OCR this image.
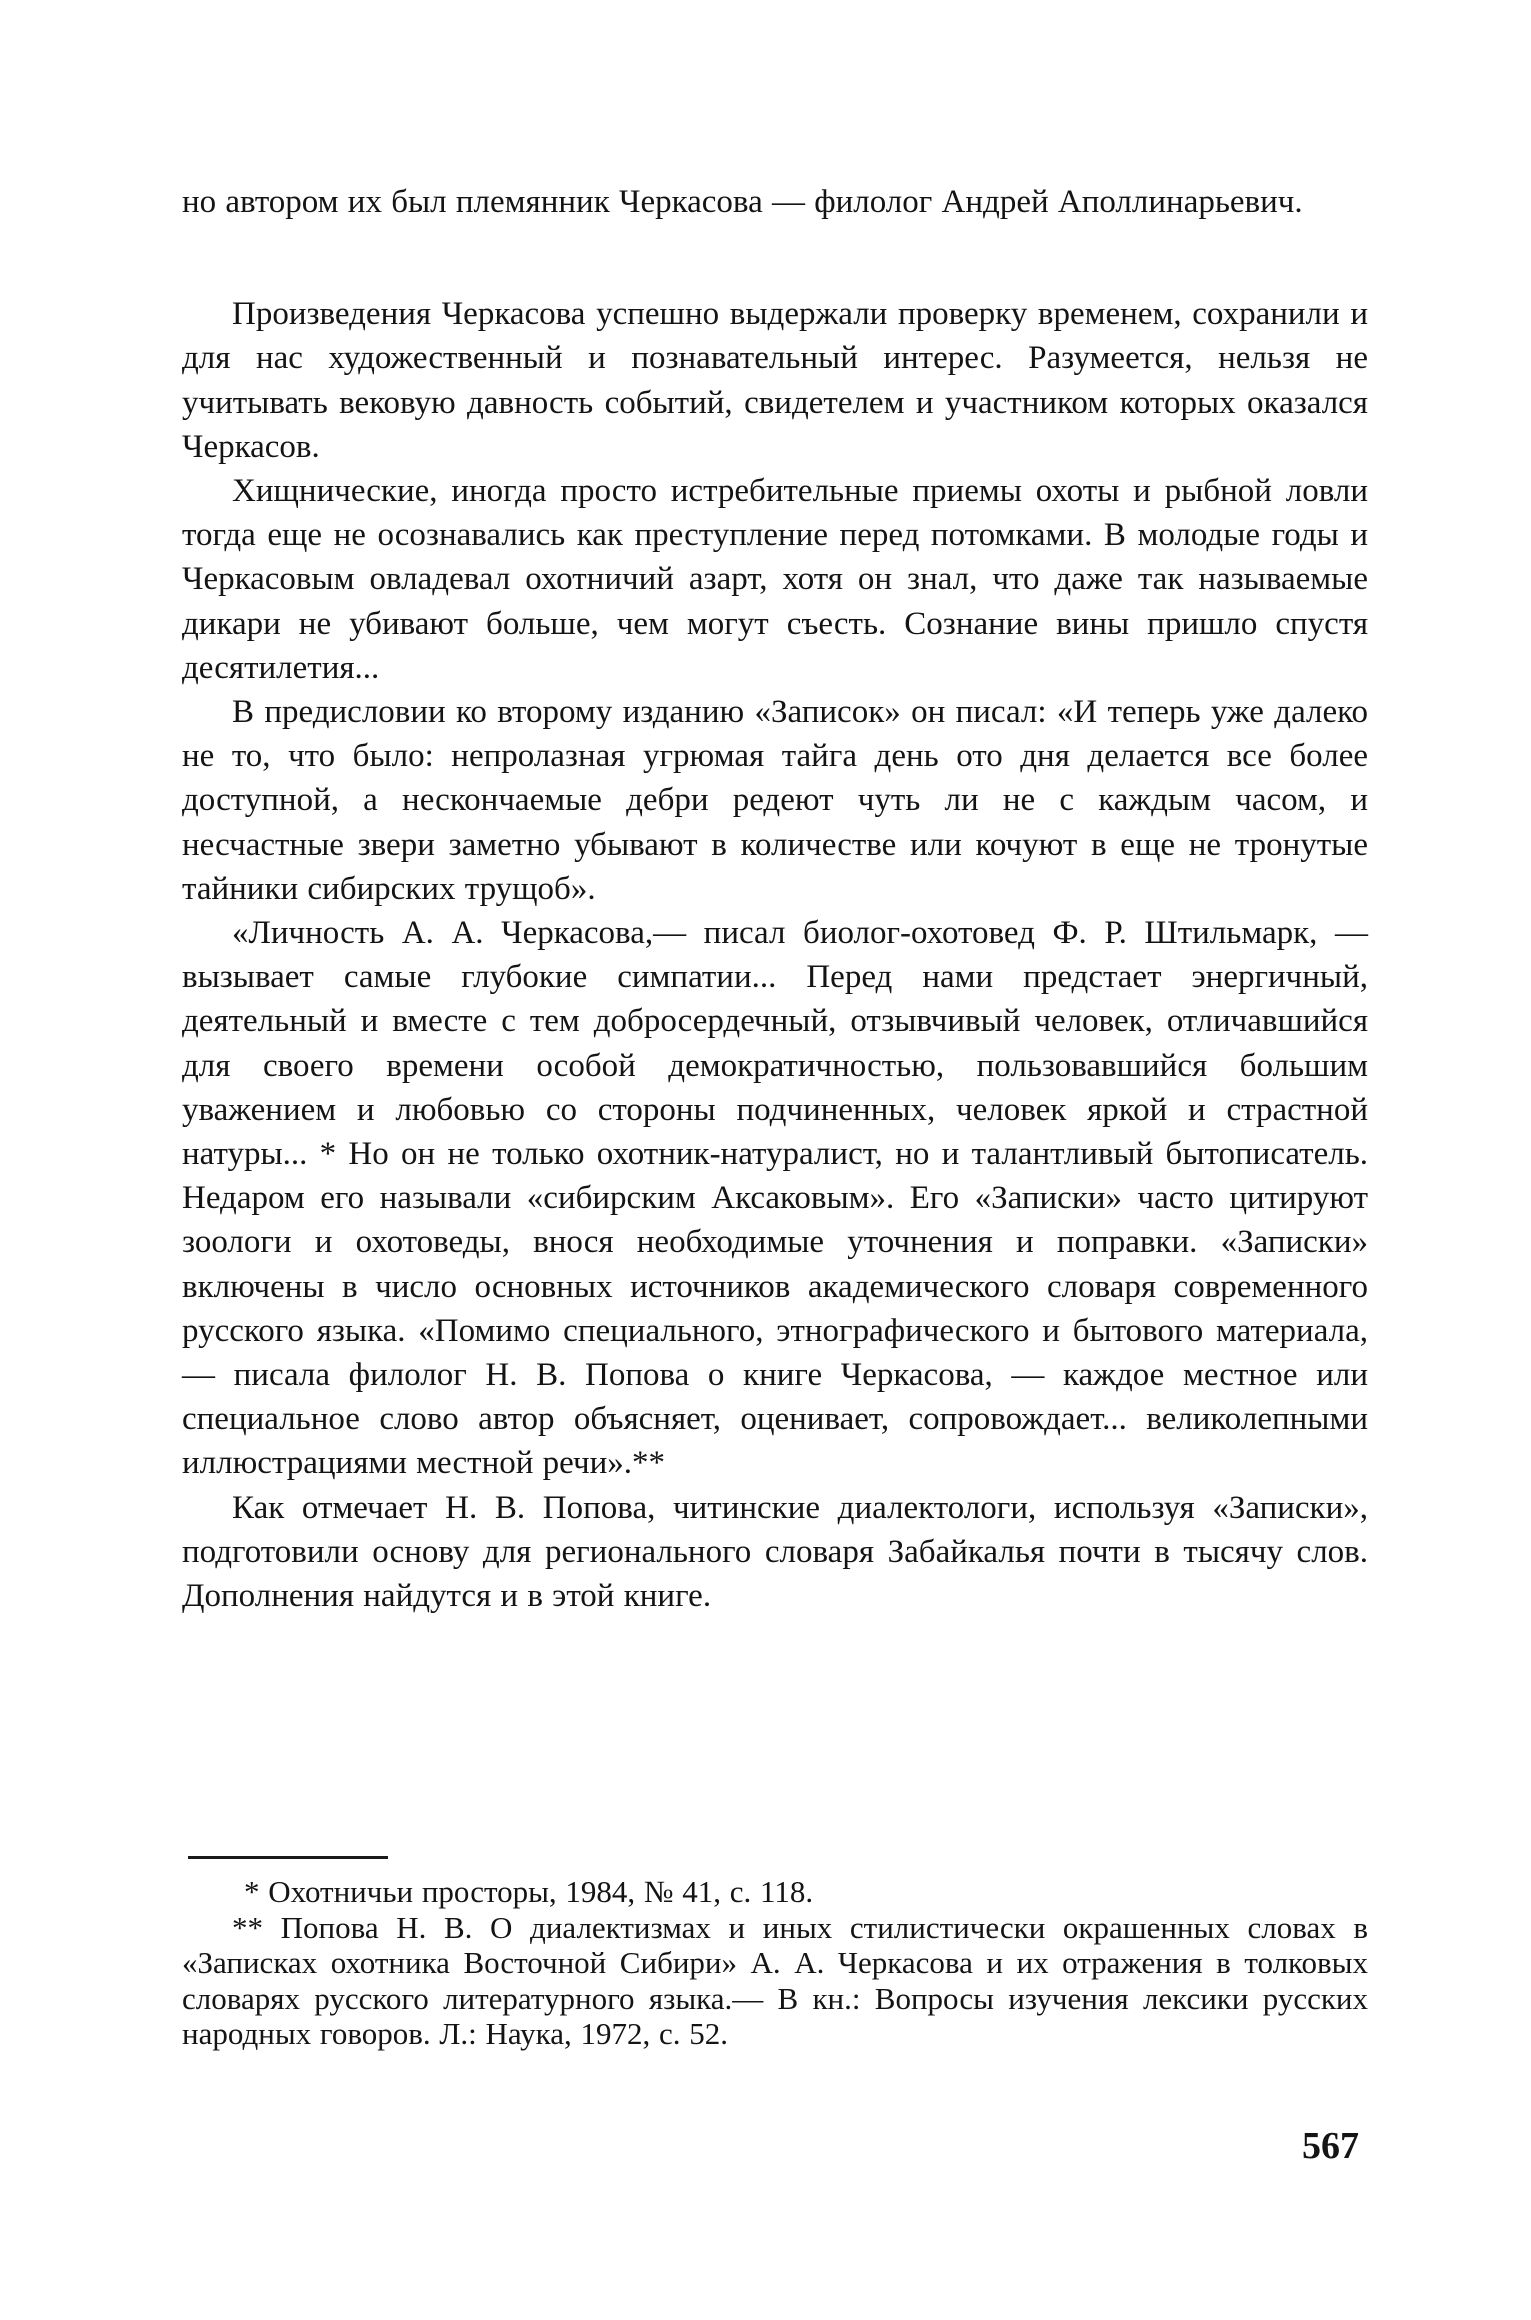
но автором их был племянник Черкасова — филолог Андрей Аполлинарьевич.

Произведения Черкасова успешно выдержали проверку временем, сохранили и для нас художественный и познавательный интерес. Разумеется, нельзя не учитывать вековую давность событий, свидетелем и участником которых оказался Черкасов.

Хищнические, иногда просто истребительные приемы охоты и рыбной ловли тогда еще не осознавались как преступление перед потомками. В молодые годы и Черкасовым овладевал охотничий азарт, хотя он знал, что даже так называемые дикари не убивают больше, чем могут съесть. Сознание вины пришло спустя десятилетия...

В предисловии ко второму изданию «Записок» он писал: «И теперь уже далеко не то, что было: непролазная угрюмая тайга день ото дня делается все более доступной, а нескончаемые дебри редеют чуть ли не с каждым часом, и несчастные звери заметно убывают в количестве или кочуют в еще не тронутые тайники сибирских трущоб».

«Личность А. А. Черкасова,— писал биолог-охотовед Ф. Р. Штильмарк, — вызывает самые глубокие симпатии... Перед нами предстает энергичный, деятельный и вместе с тем добросердечный, отзывчивый человек, отличавшийся для своего времени особой демократичностью, пользовавшийся большим уважением и любовью со стороны подчиненных, человек яркой и страстной натуры... * Но он не только охотник-натуралист, но и талантливый бытописатель. Недаром его называли «сибирским Аксаковым». Его «Записки» часто цитируют зоологи и охотоведы, внося необходимые уточнения и поправки. «Записки» включены в число основных источников академического словаря современного русского языка. «Помимо специального, этнографического и бытового материала,— писала филолог Н. В. Попова о книге Черкасова, — каждое местное или специальное слово автор объясняет, оценивает, сопровождает... великолепными иллюстрациями местной речи».**

Как отмечает Н. В. Попова, читинские диалектологи, используя «Записки», подготовили основу для регионального словаря Забайкалья почти в тысячу слов. Дополнения найдутся и в этой книге.

* Охотничьи просторы, 1984, № 41, с. 118.

** Попова Н. В. О диалектизмах и иных стилистически окрашенных словах в «Записках охотника Восточной Сибири» А. А. Черкасова и их отражения в толковых словарях русского литературного языка.— В кн.: Вопросы изучения лексики русских народных говоров. Л.: Наука, 1972, с. 52.

567
